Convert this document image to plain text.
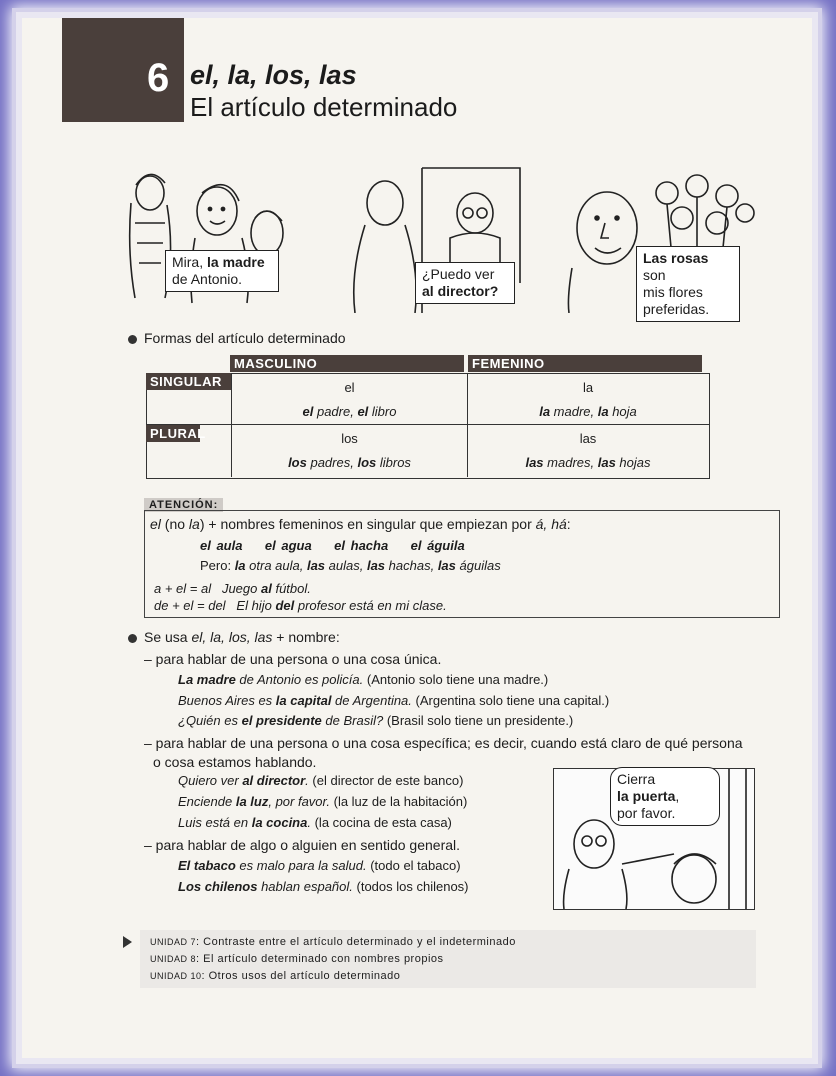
6 el, la, los, las
El artículo determinado
Mira, la madre
de Antonio.	¿Puedo ver
al director?
Las rosas son
mis flores
preferidas.
Formas del artículo determinado
MASCULINO	FEMENINO
SINGULAR
PLURAL
el
el padre, el libro
la
la madre, la hoja
los
los padres, los libros
las
las madres, las hojas
ATENCIÓN:
el (no la) + nombres femeninos en singular que empiezan por á, há:
el aula el agua el hacha el águila
Pero: la otra aula, las aulas, las hachas, las águilas
a + el = al Juego al fútbol.
de + el = del El hijo del profesor está en mi clase.
Se usa el, la, los, las + nombre:
– para hablar de una persona o una cosa única.
La madre de Antonio es policía. (Antonio solo tiene una madre.)
Buenos Aires es la capital de Argentina. (Argentina solo tiene una capital.)
¿Quién es el presidente de Brasil? (Brasil solo tiene un presidente.)
– para hablar de una persona o una cosa específica; es decir, cuando está claro de qué persona
o cosa estamos hablando.
Quiero ver al director. (el director de este banco)
Enciende la luz, por favor. (la luz de la habitación)
Luis está en la cocina. (la cocina de esta casa)
– para hablar de algo o alguien en sentido general.
El tabaco es malo para la salud. (todo el tabaco)
Los chilenos hablan español. (todos los chilenos)
Cierra
la puerta,
por favor.
UNIDAD 7: Contraste entre el artículo determinado y el indeterminado
UNIDAD 8: El artículo determinado con nombres propios
UNIDAD 10: Otros usos del artículo determinado
